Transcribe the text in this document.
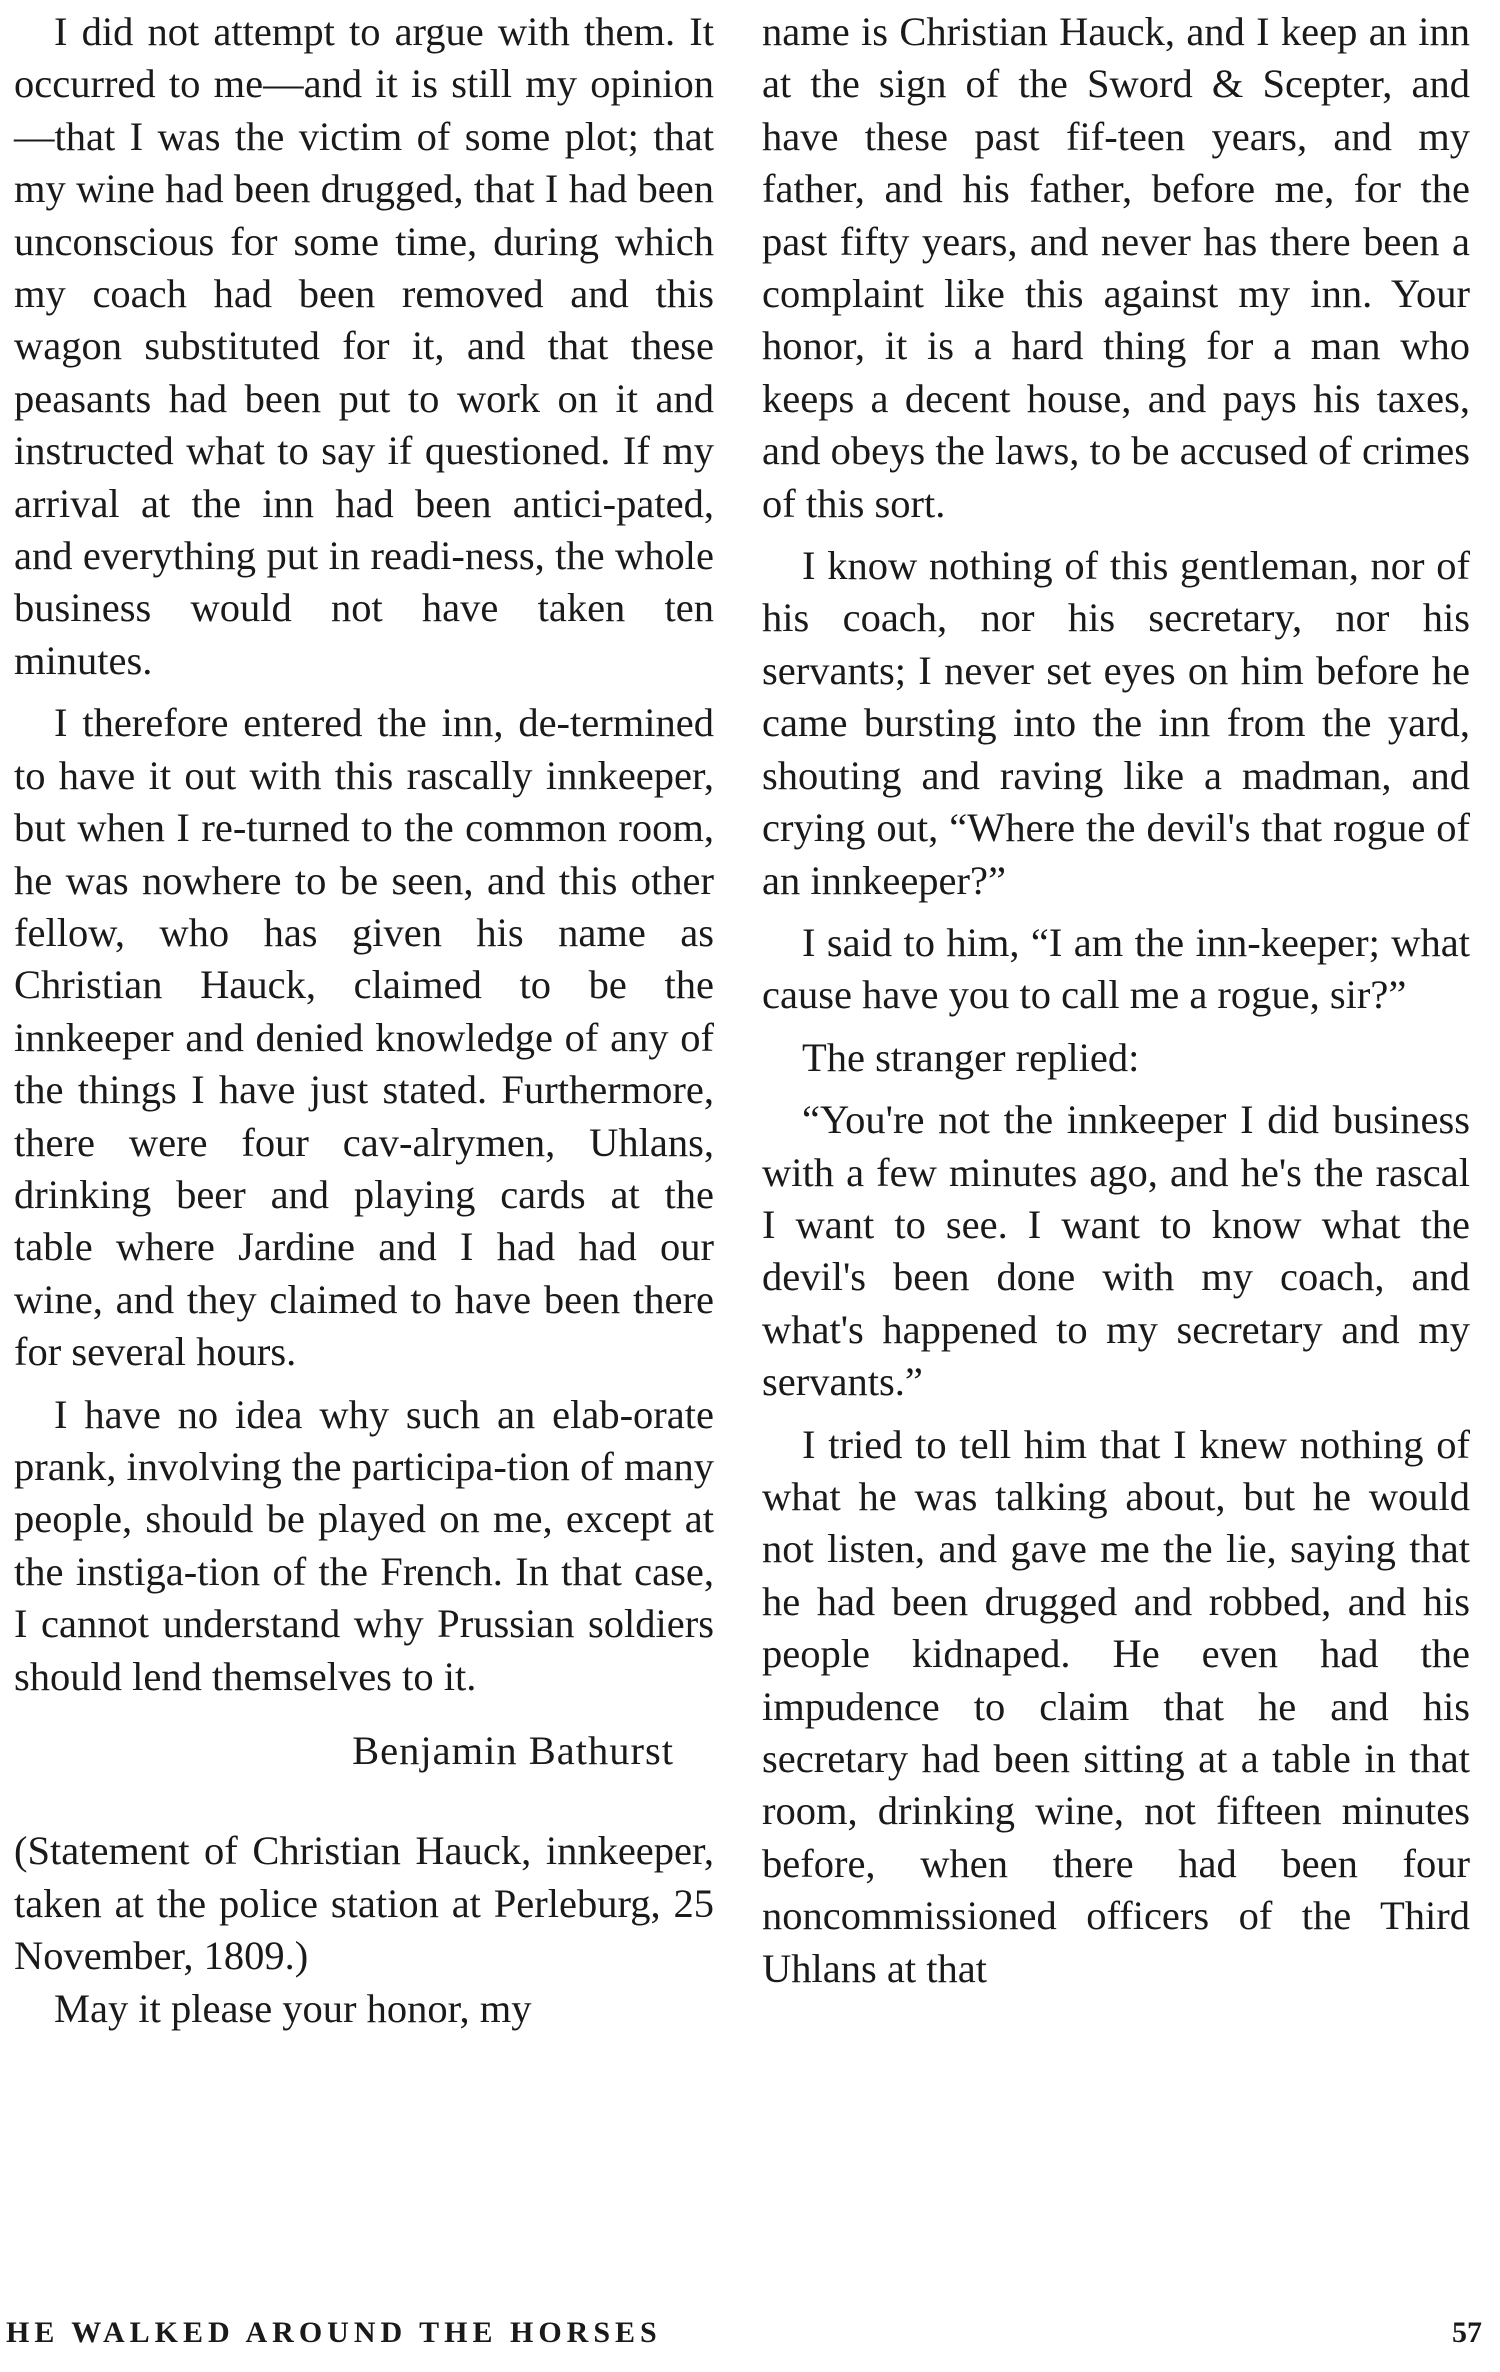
I did not attempt to argue with them. It occurred to me—and it is still my opinion—that I was the victim of some plot; that my wine had been drugged, that I had been unconscious for some time, during which my coach had been removed and this wagon substituted for it, and that these peasants had been put to work on it and instructed what to say if questioned. If my arrival at the inn had been antici-pated, and everything put in readi-ness, the whole business would not have taken ten minutes.

I therefore entered the inn, de-termined to have it out with this rascally innkeeper, but when I re-turned to the common room, he was nowhere to be seen, and this other fellow, who has given his name as Christian Hauck, claimed to be the innkeeper and denied knowledge of any of the things I have just stated. Furthermore, there were four cav-alrymen, Uhlans, drinking beer and playing cards at the table where Jardine and I had had our wine, and they claimed to have been there for several hours.

I have no idea why such an elab-orate prank, involving the participa-tion of many people, should be played on me, except at the instiga-tion of the French. In that case, I cannot understand why Prussian soldiers should lend themselves to it.

Benjamin Bathurst

(Statement of Christian Hauck, innkeeper, taken at the police station at Perleburg, 25 November, 1809.)

May it please your honor, my

name is Christian Hauck, and I keep an inn at the sign of the Sword & Scepter, and have these past fif-teen years, and my father, and his father, before me, for the past fifty years, and never has there been a complaint like this against my inn. Your honor, it is a hard thing for a man who keeps a decent house, and pays his taxes, and obeys the laws, to be accused of crimes of this sort.

I know nothing of this gentleman, nor of his coach, nor his secretary, nor his servants; I never set eyes on him before he came bursting into the inn from the yard, shouting and raving like a madman, and crying out, “Where the devil's that rogue of an innkeeper?”

I said to him, “I am the inn-keeper; what cause have you to call me a rogue, sir?”

The stranger replied:

“You're not the innkeeper I did business with a few minutes ago, and he's the rascal I want to see. I want to know what the devil's been done with my coach, and what's happened to my secretary and my servants.”

I tried to tell him that I knew nothing of what he was talking about, but he would not listen, and gave me the lie, saying that he had been drugged and robbed, and his people kidnaped. He even had the impudence to claim that he and his secretary had been sitting at a table in that room, drinking wine, not fifteen minutes before, when there had been four noncommissioned officers of the Third Uhlans at that

HE WALKED AROUND THE HORSES	57
